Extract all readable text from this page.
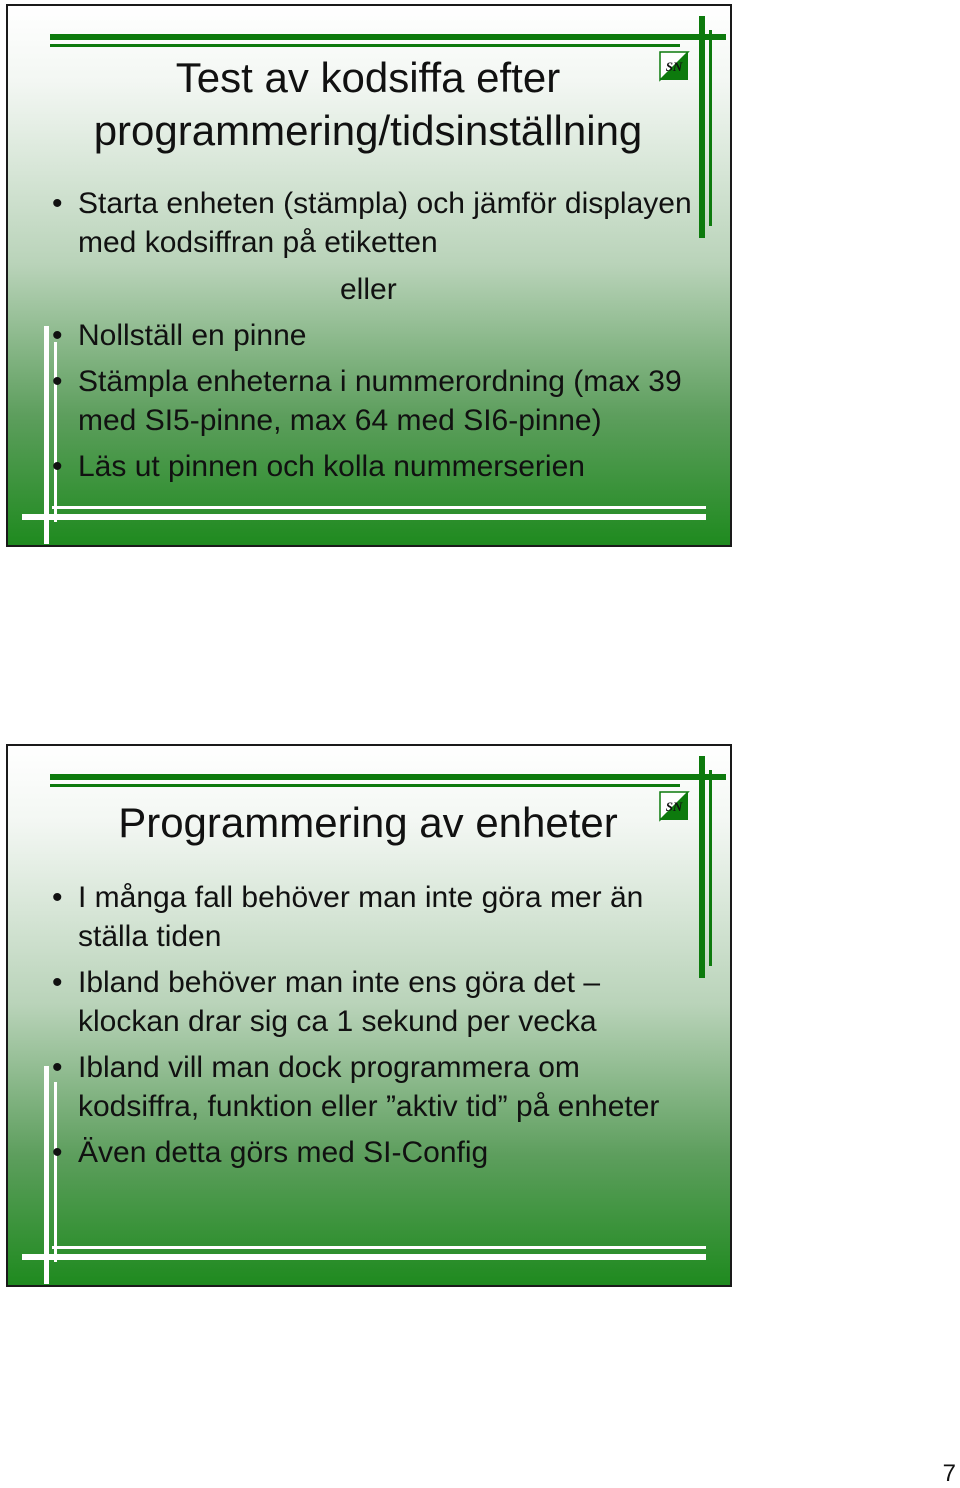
SN
Test av kodsiffa efter programmering/tidsinställning
• Starta enheten (stämpla) och jämför displayen med kodsiffran på etiketten
eller
• Nollställ en pinne
• Stämpla enheterna i nummerordning (max 39 med SI5-pinne, max 64 med SI6-pinne)
• Läs ut pinnen och kolla nummerserien
SN
Programmering av enheter
• I många fall behöver man inte göra mer än ställa tiden
• Ibland behöver man inte ens göra det – klockan drar sig ca 1 sekund per vecka
• Ibland vill man dock programmera om kodsiffra, funktion eller ”aktiv tid” på enheter
• Även detta görs med SI-Config
7
